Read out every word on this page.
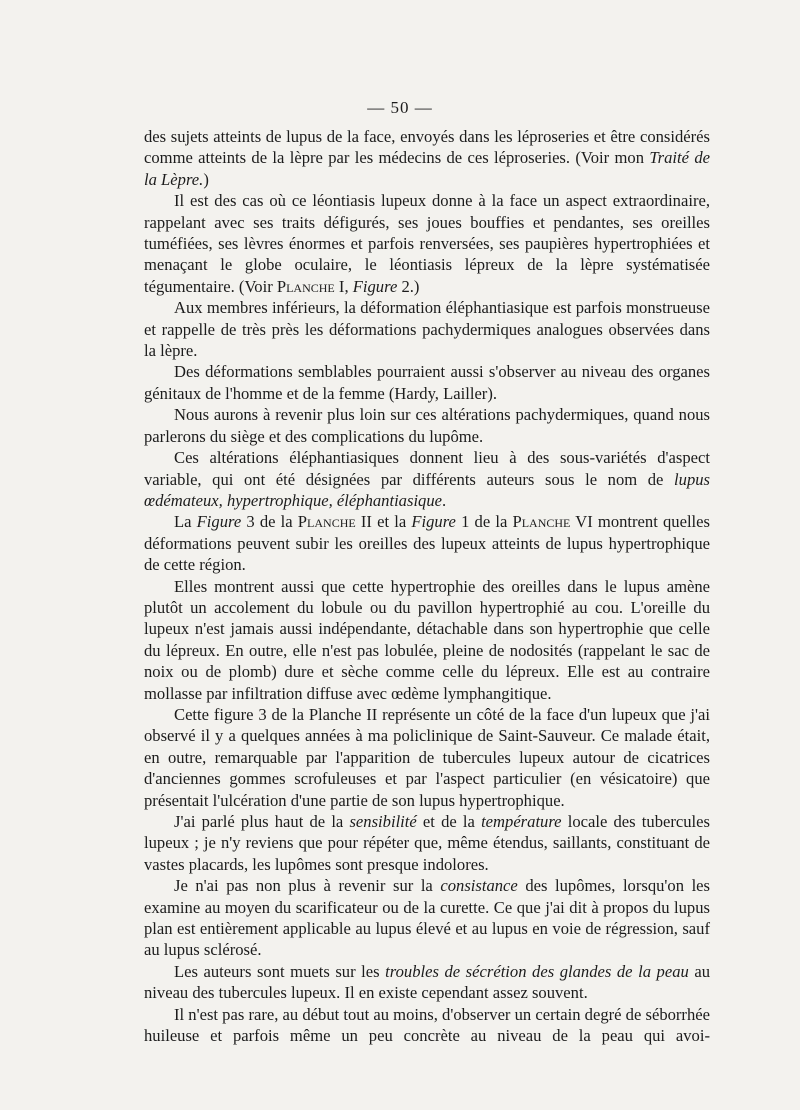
— 50 —

des sujets atteints de lupus de la face, envoyés dans les léproseries et être considérés comme atteints de la lèpre par les médecins de ces léproseries. (Voir mon Traité de la Lèpre.)

Il est des cas où ce léontiasis lupeux donne à la face un aspect extraordinaire, rappelant avec ses traits défigurés, ses joues bouffies et pendantes, ses oreilles tuméfiées, ses lèvres énormes et parfois renversées, ses paupières hypertrophiées et menaçant le globe oculaire, le léontiasis lépreux de la lèpre systématisée tégumentaire. (Voir Planche I, Figure 2.)

Aux membres inférieurs, la déformation éléphantiasique est parfois monstrueuse et rappelle de très près les déformations pachydermiques analogues observées dans la lèpre.

Des déformations semblables pourraient aussi s'observer au niveau des organes génitaux de l'homme et de la femme (Hardy, Lailler).

Nous aurons à revenir plus loin sur ces altérations pachydermiques, quand nous parlerons du siège et des complications du lupôme.

Ces altérations éléphantiasiques donnent lieu à des sous-variétés d'aspect variable, qui ont été désignées par différents auteurs sous le nom de lupus œdémateux, hypertrophique, éléphantiasique.

La Figure 3 de la Planche II et la Figure 1 de la Planche VI montrent quelles déformations peuvent subir les oreilles des lupeux atteints de lupus hypertrophique de cette région.

Elles montrent aussi que cette hypertrophie des oreilles dans le lupus amène plutôt un accolement du lobule ou du pavillon hypertrophié au cou. L'oreille du lupeux n'est jamais aussi indépendante, détachable dans son hypertrophie que celle du lépreux. En outre, elle n'est pas lobulée, pleine de nodosités (rappelant le sac de noix ou de plomb) dure et sèche comme celle du lépreux. Elle est au contraire mollasse par infiltration diffuse avec œdème lymphangitique.

Cette figure 3 de la Planche II représente un côté de la face d'un lupeux que j'ai observé il y a quelques années à ma policlinique de Saint-Sauveur. Ce malade était, en outre, remarquable par l'apparition de tubercules lupeux autour de cicatrices d'anciennes gommes scrofuleuses et par l'aspect particulier (en vésicatoire) que présentait l'ulcération d'une partie de son lupus hypertrophique.

J'ai parlé plus haut de la sensibilité et de la température locale des tubercules lupeux ; je n'y reviens que pour répéter que, même étendus, saillants, constituant de vastes placards, les lupômes sont presque indolores.

Je n'ai pas non plus à revenir sur la consistance des lupômes, lorsqu'on les examine au moyen du scarificateur ou de la curette. Ce que j'ai dit à propos du lupus plan est entièrement applicable au lupus élevé et au lupus en voie de régression, sauf au lupus sclérosé.

Les auteurs sont muets sur les troubles de sécrétion des glandes de la peau au niveau des tubercules lupeux. Il en existe cependant assez souvent.

Il n'est pas rare, au début tout au moins, d'observer un certain degré de séborrhée huileuse et parfois même un peu concrète au niveau de la peau qui avoi-
